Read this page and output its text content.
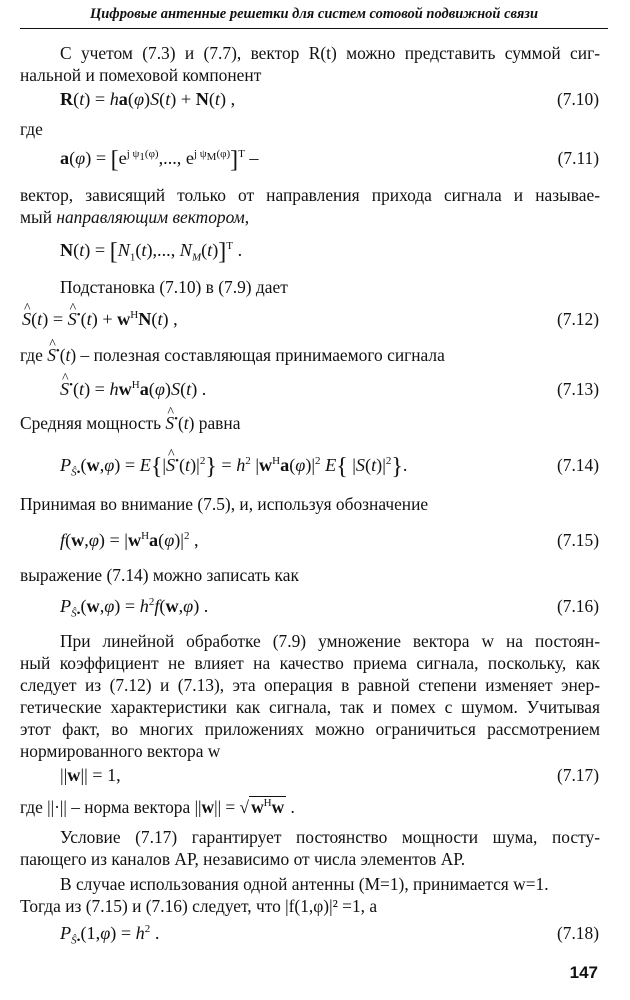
Цифровые антенные решетки для систем сотовой подвижной связи
С учетом (7.3) и (7.7), вектор R(t) можно представить суммой сиг-
нальной и помеховой компонент
R(t) = ha(φ)S(t) + N(t) ,	(7.10)
где
$a(\varphi) = [e^{j \psi_1(\varphi)}$,..., $e^{j \psi_M(\varphi)}]^T$ –	(7.11)
вектор, зависящий только от направления прихода сигнала и называе-
мый направляющим вектором,
$N(t) = [N_1(t)$,..., $N_M(t)]^T$ .
Подстановка (7.10) в (7.9) дает
^ S(t) = ^ $S^•(t) + w^HN(t)$ ,	(7.12)
где ^ S•(t) – полезная составляющая принимаемого сигнала
^ $S^•(t) = hw^Ha(\varphi)S(t)$ .	(7.13)
Средняя мощность ^ S•(t) равна
$P_{Ŝ•}(w,\varphi)$ = E{|^ $S^•(t)|^2\} = h^2$ $|w^Ha(\varphi)|^2$ E{ $|S(t)|^2$}.	(7.14)
Принимая во внимание (7.5), и, используя обозначение
$f(w,\varphi) = |w^Ha(\varphi)|^2$ ,	(7.15)
выражение (7.14) можно записать как
$P_{Ŝ•}(w,\varphi) = h^2f(w,\varphi)$ .	(7.16)
При линейной обработке (7.9) умножение вектора w на постоян-
ный коэффициент не влияет на качество приема сигнала, поскольку, как
следует из (7.12) и (7.13), эта операция в равной степени изменяет энер-
гетические характеристики как сигнала, так и помех с шумом. Учитывая
этот факт, во многих приложениях можно ограничиться рассмотрением
нормированного вектора w
||w|| = 1,	(7.17)
где ||·|| – норма вектора ||w|| = √ $w^Hw$ .
Условие (7.17) гарантирует постоянство мощности шума, посту-
пающего из каналов АР, независимо от числа элементов АР.
В случае использования одной антенны (M=1), принимается w=1.
Тогда из (7.15) и (7.16) следует, что |f(1,φ)|² =1, а
$P_{Ŝ•}(1,\varphi) = h^2$ .	(7.18)
147
